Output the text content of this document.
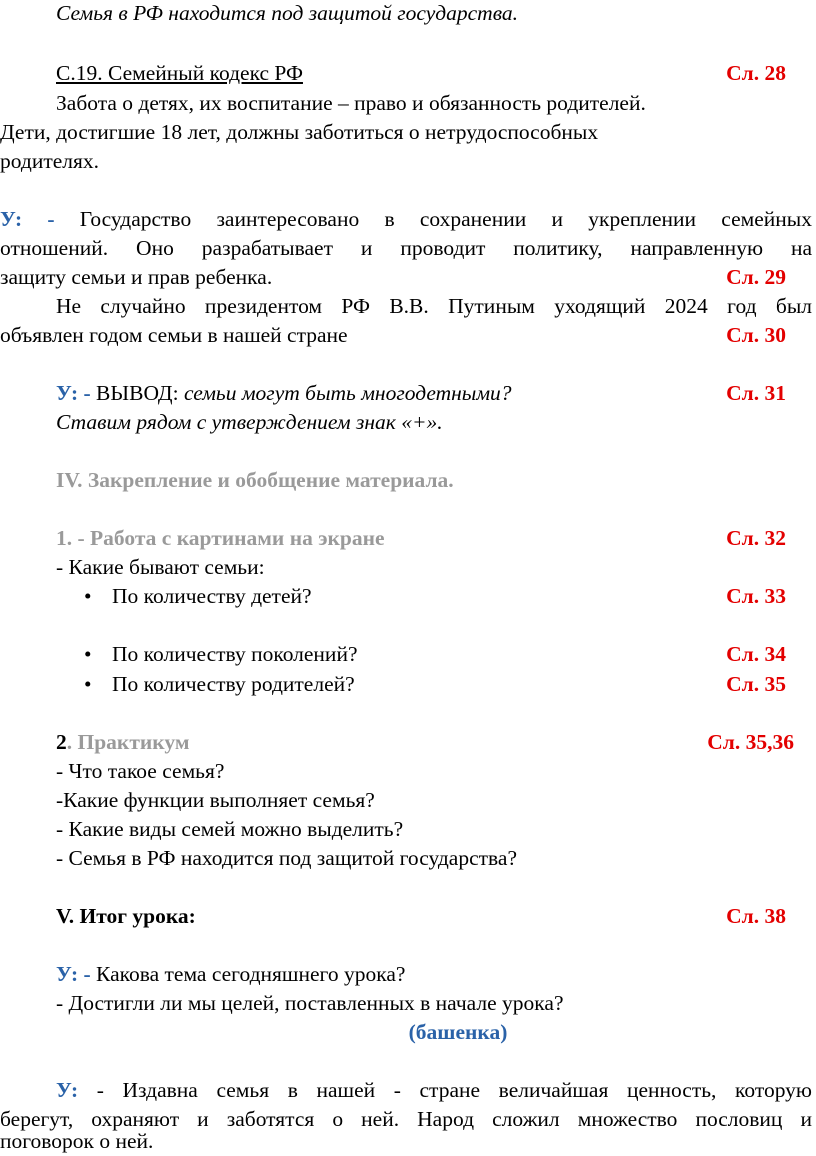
Семья в РФ находится под защитой государства.
С.19. Семейный кодекс РФ	Сл. 28
Забота о детях, их воспитание – право и обязанность родителей.
Дети, достигшие 18 лет, должны заботиться о нетрудоспособных
родителях.
У: - Государство заинтересовано в сохранении и укреплении семейных
отношений. Оно разрабатывает и проводит политику, направленную на
защиту семьи и прав ребенка.	Сл. 29
Не случайно президентом РФ В.В. Путиным уходящий 2024 год был
объявлен годом семьи в нашей стране	Сл. 30
У: - ВЫВОД: семьи могут быть многодетными?	Сл. 31
Ставим рядом с утверждением знак «+».
IV. Закрепление и обобщение материала.
1. - Работа с картинами на экране	Сл. 32
- Какие бывают семьи:
• По количеству детей?	Сл. 33
• По количеству поколений?	Сл. 34
• По количеству родителей?	Сл. 35
2. Практикум	Сл. 35,36
- Что такое семья?
-Какие функции выполняет семья?
- Какие виды семей можно выделить?
- Семья в РФ находится под защитой государства?
V. Итог урока:	Сл. 38
У: - Какова тема сегодняшнего урока?
- Достигли ли мы целей, поставленных в начале урока?
(башенка)
У: - Издавна семья в нашей - стране величайшая ценность, которую
берегут, охраняют и заботятся о ней. Народ сложил множество пословиц и
поговорок о ней.
